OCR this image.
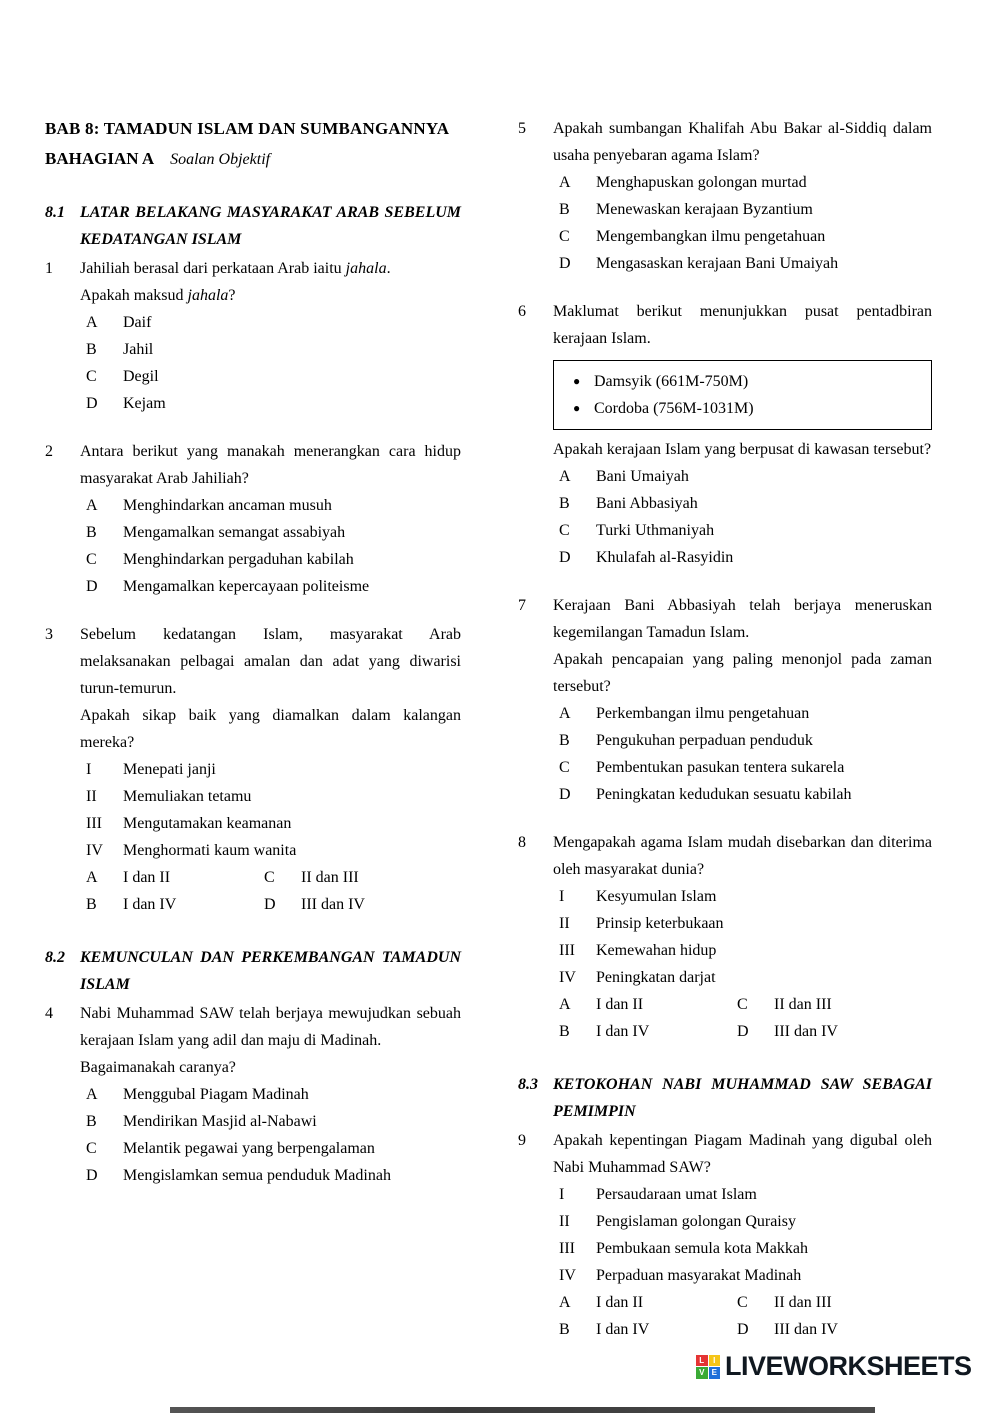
BAB 8: TAMADUN ISLAM DAN SUMBANGANNYA
BAHAGIAN A Soalan Objektif
8.1 LATAR BELAKANG MASYARAKAT ARAB SEBELUM KEDATANGAN ISLAM
1	Jahiliah berasal dari perkataan Arab iaitu jahala.

Apakah maksud jahala?

A	Daif
B	Jahil
C	Degil
D	Kejam
2	Antara berikut yang manakah menerangkan cara hidup masyarakat Arab Jahiliah?

A	Menghindarkan ancaman musuh
B	Mengamalkan semangat assabiyah
C	Menghindarkan pergaduhan kabilah
D	Mengamalkan kepercayaan politeisme
3	Sebelum kedatangan Islam, masyarakat Arab melaksanakan pelbagai amalan dan adat yang diwarisi turun-temurun.

Apakah sikap baik yang diamalkan dalam kalangan mereka?

I	Menepati janji
II	Memuliakan tetamu
III	Mengutamakan keamanan
IV	Menghormati kaum wanita
A	I dan II	C	II dan III
B	I dan IV	D	III dan IV
8.2 KEMUNCULAN DAN PERKEMBANGAN TAMADUN ISLAM
4	Nabi Muhammad SAW telah berjaya mewujudkan sebuah kerajaan Islam yang adil dan maju di Madinah.

Bagaimanakah caranya?

A	Menggubal Piagam Madinah
B	Mendirikan Masjid al-Nabawi
C	Melantik pegawai yang berpengalaman
D	Mengislamkan semua penduduk Madinah
5	Apakah sumbangan Khalifah Abu Bakar al-Siddiq dalam usaha penyebaran agama Islam?

A	Menghapuskan golongan murtad
B	Menewaskan kerajaan Byzantium
C	Mengembangkan ilmu pengetahuan
D	Mengasaskan kerajaan Bani Umaiyah
6	Maklumat berikut menunjukkan pusat pentadbiran kerajaan Islam.

● Damsyik (661M-750M)
● Cordoba (756M-1031M)

Apakah kerajaan Islam yang berpusat di kawasan tersebut?

A	Bani Umaiyah
B	Bani Abbasiyah
C	Turki Uthmaniyah
D	Khulafah al-Rasyidin
7	Kerajaan Bani Abbasiyah telah berjaya meneruskan kegemilangan Tamadun Islam.

Apakah pencapaian yang paling menonjol pada zaman tersebut?

A	Perkembangan ilmu pengetahuan
B	Pengukuhan perpaduan penduduk
C	Pembentukan pasukan tentera sukarela
D	Peningkatan kedudukan sesuatu kabilah
8	Mengapakah agama Islam mudah disebarkan dan diterima oleh masyarakat dunia?

I	Kesyumulan Islam
II	Prinsip keterbukaan
III	Kemewahan hidup
IV	Peningkatan darjat
A	I dan II	C	II dan III
B	I dan IV	D	III dan IV
8.3 KETOKOHAN NABI MUHAMMAD SAW SEBAGAI PEMIMPIN
9	Apakah kepentingan Piagam Madinah yang digubal oleh Nabi Muhammad SAW?

I	Persaudaraan umat Islam
II	Pengislaman golongan Quraisy
III	Pembukaan semula kota Makkah
IV	Perpaduan masyarakat Madinah
A	I dan II	C	II dan III
B	I dan IV	D	III dan IV
L	I
V E LIVEWORKSHEETS
